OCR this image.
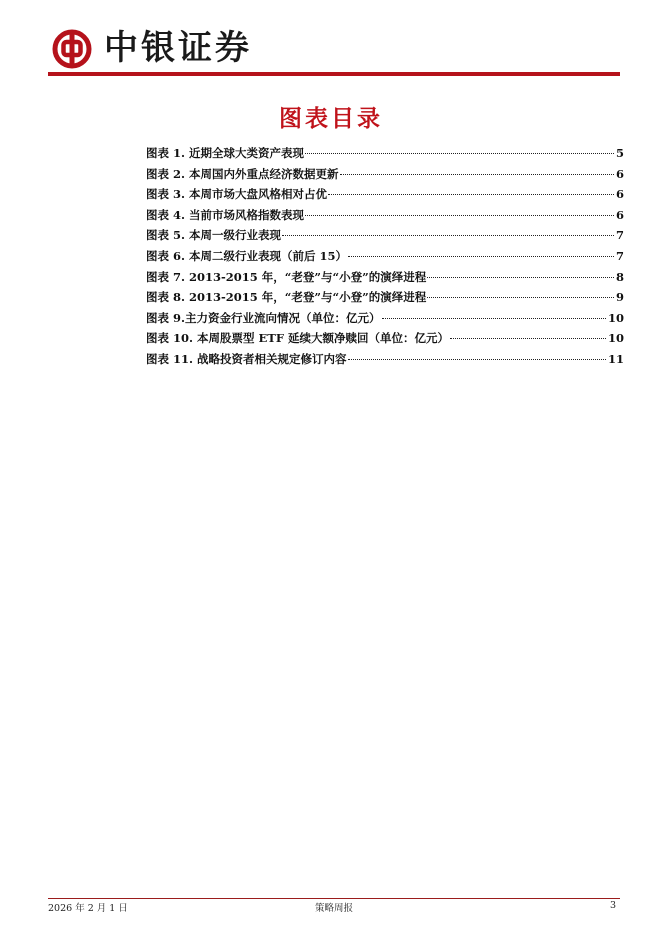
中银证券
图表目录
图表 1. 近期全球大类资产表现	5
图表 2. 本周国内外重点经济数据更新	6
图表 3. 本周市场大盘风格相对占优	6
图表 4. 当前市场风格指数表现	6
图表 5. 本周一级行业表现	7
图表 6. 本周二级行业表现（前后 15）	7
图表 7. 2013-2015 年，“老登”与“小登”的演绎进程	8
图表 8. 2013-2015 年，“老登”与“小登”的演绎进程	9
图表 9.主力资金行业流向情况（单位：亿元）	10
图表 10. 本周股票型 ETF 延续大额净赎回（单位：亿元）	10
图表 11. 战略投资者相关规定修订内容	11
2026 年 2 月 1 日	策略周报	3
